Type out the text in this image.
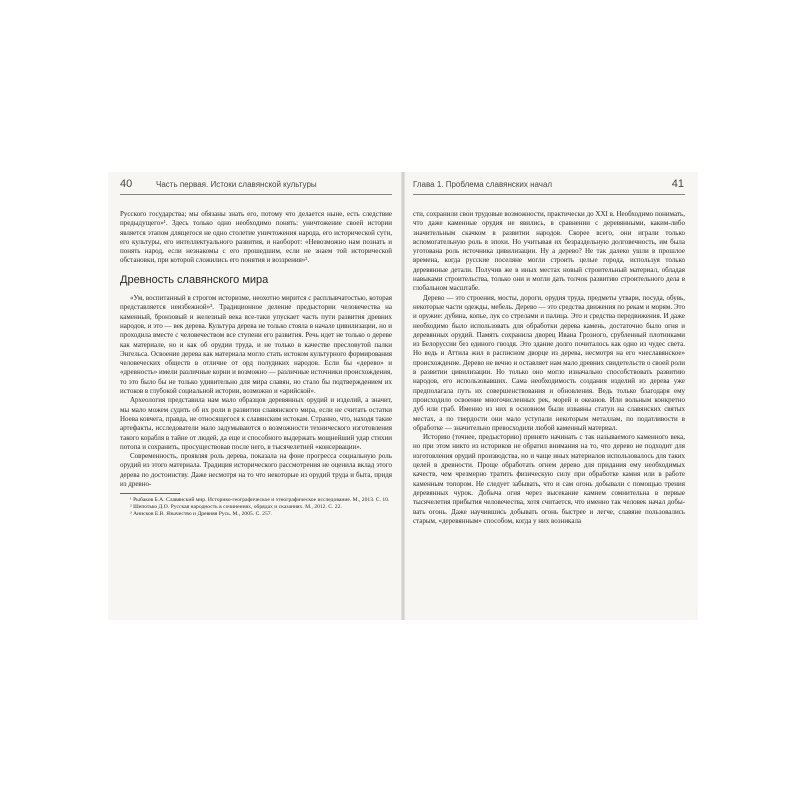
40	Часть первая. Истоки славянской культуры

Русского государства; мы обязаны знать его, потому что делается ныне, есть следствие предыдущего»¹. Здесь только одно необходимо понять: уничтожение своей истории является этапом длящегося не одно столетие уничтожения народа, его исторической сути, его культуры, его интеллектуального развития, и наоборот: «Невозможно нам познать и понять народ, если незнакомы с его прошедшим, если не знаем той исторической обстановки, при которой сложились его понятия и воззрения»².

Древность славянского мира

«Ум, воспитанный в строгом историзме, неохотно мирится с расплывчатостью, которая представляется неизбежной»³. Традиционное деление предыстории человечества на каменный, бронзовый и железный века все-таки упускает часть пути развития древних народов, и это — век дерева. Культура дерева не только стояла в начале цивилизации, но и проходила вместе с человечеством все ступени его развития. Речь идет не только о дереве как материале, но и как об орудии труда, и не только в качестве пресловутой палки Энгельса. Освоение дерева как материала могло стать истоком культурного формирования человеческих обществ в отличие от орд полудиких народов. Если бы «дерево» и «древность» имели различные корни и возможно — различные источники происхождения, то это было бы не только удивительно для мира славян, но стало бы подтверждением их истоков в глубокой социальной истории, возможно и «арийской».

Археология представила нам мало образцов деревянных орудий и изделий, а значит, мы мало можем судить об их роли в развитии славянского мира, если не считать остатки Ноева ковчега, правда, не относящегося к славянским истокам. Странно, что, находя такие артефакты, исследователи мало задумываются о возможности технического изготовления такого корабля в тайне от людей, да еще и способного выдержать мощнейший удар стихии потопа и сохранить, просуществовав после него, в тысячелетней «консервации».

Современность, проявляя роль дерева, показала на фоне прогресса социальную роль орудий из этого материала. Традиция исторического рассмотрения не оценила вклад этого дерева по достоинству. Даже несмотря на то что некоторые из орудий труда и быта, придя из древно-

¹ Рыбаков Б.А. Славянский мир. Историко-географическое и этнографическое исследование. М., 2013. С. 10.

² Шепотько Д.О. Русская народность в сочинениях, обрядах и сказаниях. М., 2012. С. 22.

³ Анисков Е.В. Язычество и Древняя Русь. М., 2005. С. 257.

Глава 1. Проблема славянских начал	41

сти, сохранили свои трудовые возможности, практически до XXI в. Необходимо понимать, что даже каменные орудия не явились, в сравнении с деревянными, каким-либо значительным скачком в развитии народов. Скорее всего, они играли только вспомогательную роль в эпохи. Но учитывая их безраздельную долговечность, им была уготована роль источника цивилизации. Ну а дерево? Не так далеко ушли в прошлое времена, когда русские поселяне могли строить целые города, используя только деревянные детали. Получив же в иных местах новый строительный материал, обладая навыками строительства, только они и могли дать толчок развитию строительного дела в глобальном масштабе.

Дерево — это строения, мосты, дороги, орудия труда, предметы утвари, посуда, обувь, некоторые части одежды, мебель. Дерево — это средства движения по рекам и морям. Это и оружие: дубина, копье, лук со стрелами и палица. Это и средства передвижения. И даже необходимо было использовать для обработки дерева камень, достаточно было огня и деревянных орудий. Память сохранила дворец Ивана Грозного, срубленный плотниками из Белоруссии без единого гвоздя. Это здание долго почиталось как одно из чудес света. Но ведь и Аттила жил в расписном дворце из дерева, несмотря на его «неславянское» происхождение. Дерево не вечно и оставляет нам мало древних свидетельств о своей роли в развитии цивилизации. Но только оно могло изначально способствовать развитию народов, его использовавших. Сама необходимость создания изделий из дерева уже предполагала путь их совершенствования и обновления. Ведь только благодаря ему происходило освоение многочисленных рек, морей и океанов. Или вольным конкретно дуб или граб. Именно из них в основном были изваяны статуи на славянских святых местах, а по твердости они мало уступали некоторым металлам, по податливости в обработке — значительно превосходили любой каменный материал.

Историю (точнее, предысторию) принято начинать с так называемого каменного века, но при этом никто из историков не обратил внимания на то, что дерево не подходит для изготовления орудий производства, но и чаще иных материалов использовалось для таких целей в древности. Проще обработать огнем дерево для придания ему необходимых качеств, чем чрезмерно тратить физическую силу при обработке камня или в работе каменным топором. Не следует забывать, что и сам огонь добывали с помощью трения деревянных чурок. Добыча огня через высекание камнем сомнительна в первые тысячелетия прибытия человечества, хотя считается, что именно так человек начал добывать огонь. Даже научившись добывать огонь быстрее и легче, славяне пользовались старым, «деревянным» способом, когда у них возникала
